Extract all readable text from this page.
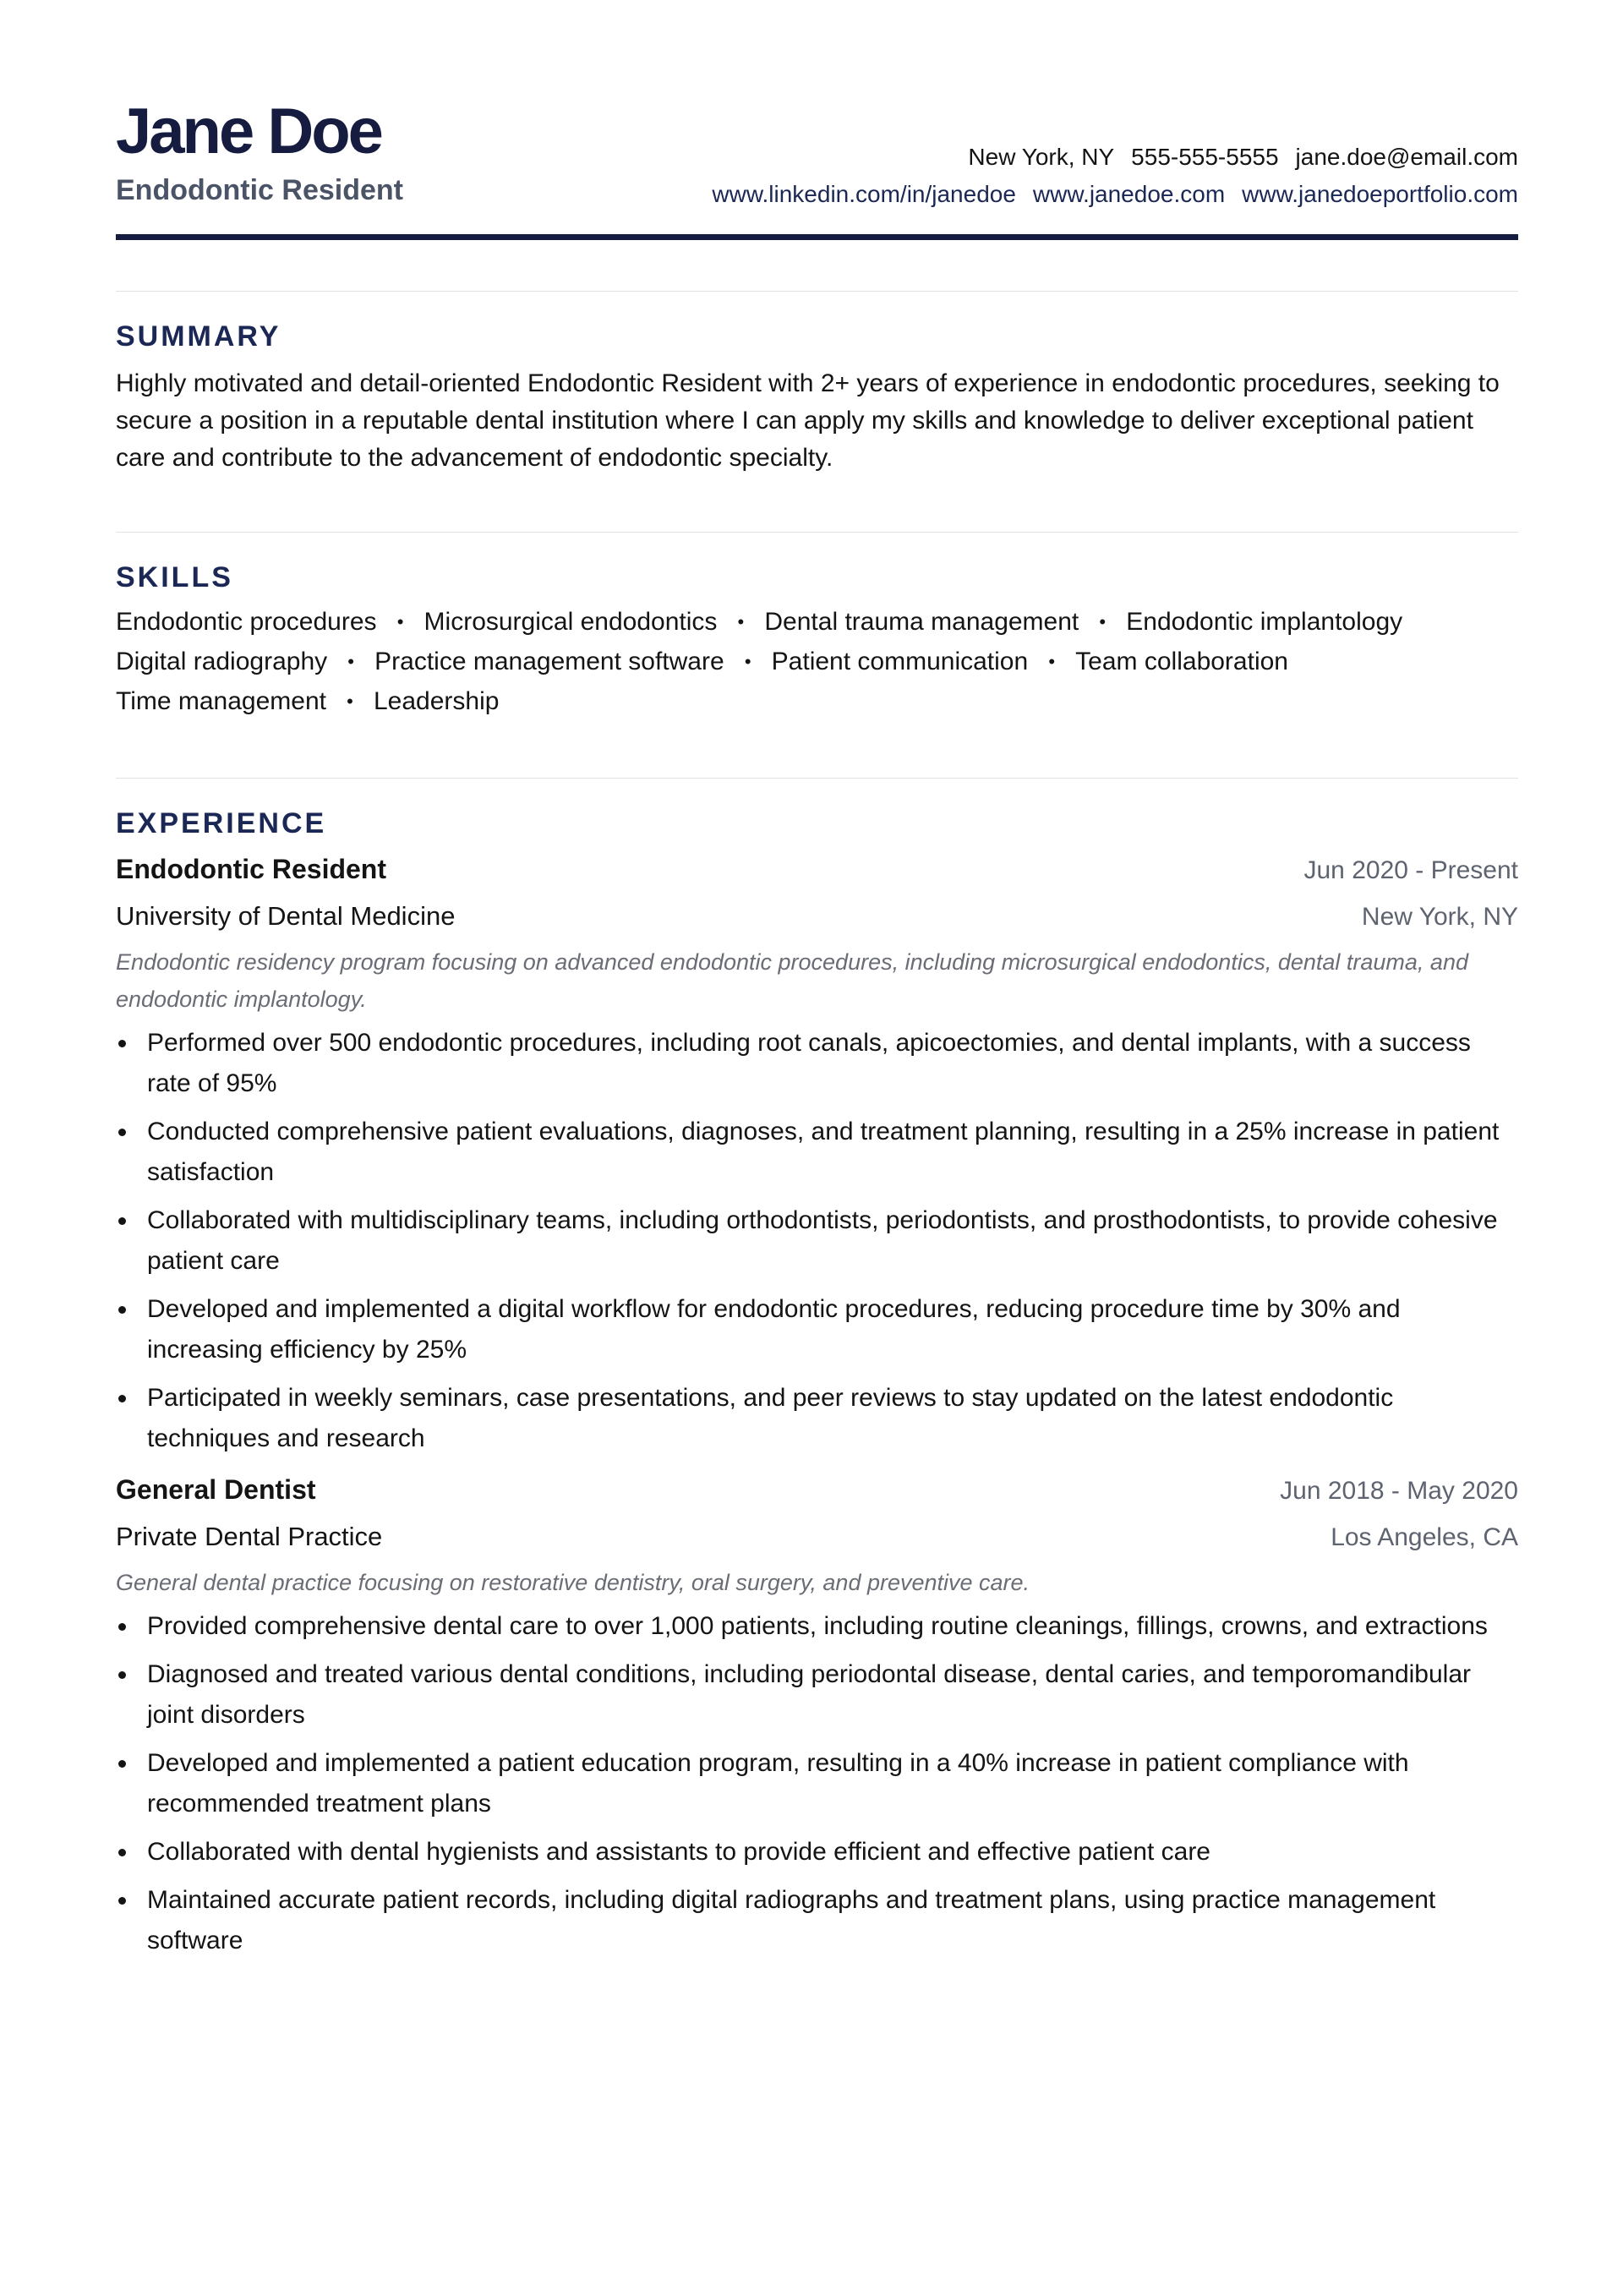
Jane Doe
Endodontic Resident
New York, NY 555-555-5555 jane.doe@email.com
www.linkedin.com/in/janedoe www.janedoe.com www.janedoeportfolio.com
SUMMARY
Highly motivated and detail-oriented Endodontic Resident with 2+ years of experience in endodontic procedures, seeking to secure a position in a reputable dental institution where I can apply my skills and knowledge to deliver exceptional patient care and contribute to the advancement of endodontic specialty.
SKILLS
Endodontic procedures	• Microsurgical endodontics	• Dental trauma management	• Endodontic implantology
Digital radiography	• Practice management software	• Patient communication	• Team collaboration
Time management	• Leadership
EXPERIENCE
Endodontic Resident	Jun 2020 - Present
University of Dental Medicine	New York, NY
Endodontic residency program focusing on advanced endodontic procedures, including microsurgical endodontics, dental trauma, and endodontic implantology.
Performed over 500 endodontic procedures, including root canals, apicoectomies, and dental implants, with a success rate of 95%
Conducted comprehensive patient evaluations, diagnoses, and treatment planning, resulting in a 25% increase in patient satisfaction
Collaborated with multidisciplinary teams, including orthodontists, periodontists, and prosthodontists, to provide cohesive patient care
Developed and implemented a digital workflow for endodontic procedures, reducing procedure time by 30% and increasing efficiency by 25%
Participated in weekly seminars, case presentations, and peer reviews to stay updated on the latest endodontic techniques and research
General Dentist	Jun 2018 - May 2020
Private Dental Practice	Los Angeles, CA
General dental practice focusing on restorative dentistry, oral surgery, and preventive care.
Provided comprehensive dental care to over 1,000 patients, including routine cleanings, fillings, crowns, and extractions
Diagnosed and treated various dental conditions, including periodontal disease, dental caries, and temporomandibular joint disorders
Developed and implemented a patient education program, resulting in a 40% increase in patient compliance with recommended treatment plans
Collaborated with dental hygienists and assistants to provide efficient and effective patient care
Maintained accurate patient records, including digital radiographs and treatment plans, using practice management software
